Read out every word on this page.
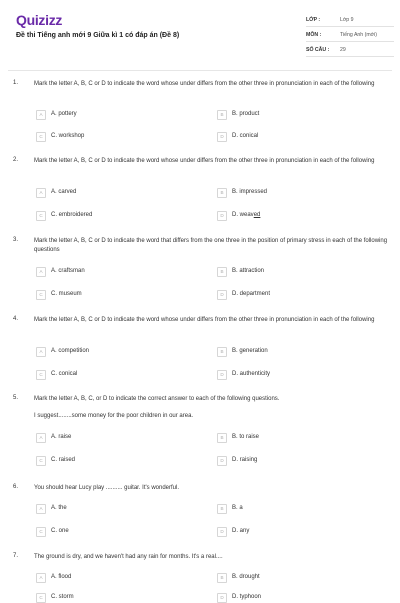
Quizizz
Đề thi Tiếng anh mới 9 Giữa kì 1 có đáp án (Đề 8)
LỚP :	Lớp 9
MÔN :	Tiếng Anh (mới)
SỐ CÂU : 29
1.	Mark the letter A, B, C or D to indicate the word whose under differs from the other three in pronunciation in each of the following
A	A. pottery	B	B. product
C	C. workshop	D	D. conical
2.	Mark the letter A, B, C or D to indicate the word whose under differs from the other three in pronunciation in each of the following
A	A. carved	B	B. impressed
C	C. embroidered	D	D. weaved
3.	Mark the letter A, B, C or D to indicate the word that differs from the one three in the position of primary stress in each of the following questions
A	A. craftsman	B	B. attraction
C	C. museum	D	D. department
4.	Mark the letter A, B, C or D to indicate the word whose under differs from the other three in pronunciation in each of the following
A	A. competition	B	B. generation
C	C. conical	D	D. authenticity
5.	Mark the letter A, B, C, or D to indicate the correct answer to each of the following questions.
I suggest........some money for the poor children in our area.
A	A. raise	B	B. to raise
C	C. raised	D	D. raising
6.	You should hear Lucy play .......... guitar. It's wonderful.
A	A. the	B	B. a
C	C. one	D	D. any
7.	The ground is dry, and we haven't had any rain for months. It's a real....
A	A. flood	B	B. drought
C	C. storm	D	D. typhoon
